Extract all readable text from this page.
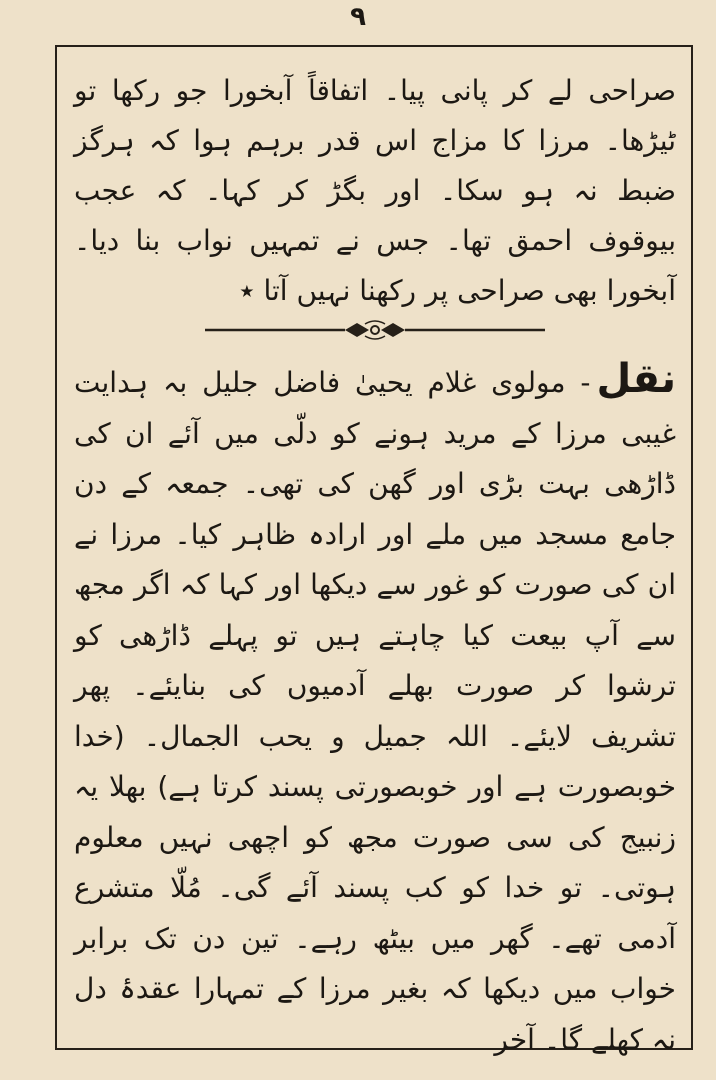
۹

صراحی لے کر پانی پیا۔ اتفاقاً آبخورا جو رکھا تو ٹیڑھا۔ مرزا کا مزاج اس قدر برہم ہوا کہ ہرگز ضبط نہ ہو سکا۔ اور بگڑ کر کہا۔ کہ عجب بیوقوف احمق تھا۔ جس نے تمہیں نواب بنا دیا۔ آبخورا بھی صراحی پر رکھنا نہیں آتا ٭

نقل- مولوی غلام یحییٰ فاضل جلیل بہ ہدایت غیبی مرزا کے مرید ہونے کو دلّی میں آئے ان کی ڈاڑھی بہت بڑی اور گھن کی تھی۔ جمعہ کے دن جامع مسجد میں ملے اور ارادہ ظاہر کیا۔ مرزا نے ان کی صورت کو غور سے دیکھا اور کہا کہ اگر مجھ سے آپ بیعت کیا چاہتے ہیں تو پہلے ڈاڑھی کو ترشوا کر صورت بھلے آدمیوں کی بنایئے۔ پھر تشریف لایئے۔ اللہ جمیل و یحب الجمال۔ (خدا خوبصورت ہے اور خوبصورتی پسند کرتا ہے) بھلا یہ زنبیج کی سی صورت مجھ کو اچھی نہیں معلوم ہوتی۔ تو خدا کو کب پسند آئے گی۔ مُلّا متشرع آدمی تھے۔ گھر میں بیٹھ رہے۔ تین دن تک برابر خواب میں دیکھا کہ بغیر مرزا کے تمہارا عقدۂ دل نہ کھلے گا۔ آخر
